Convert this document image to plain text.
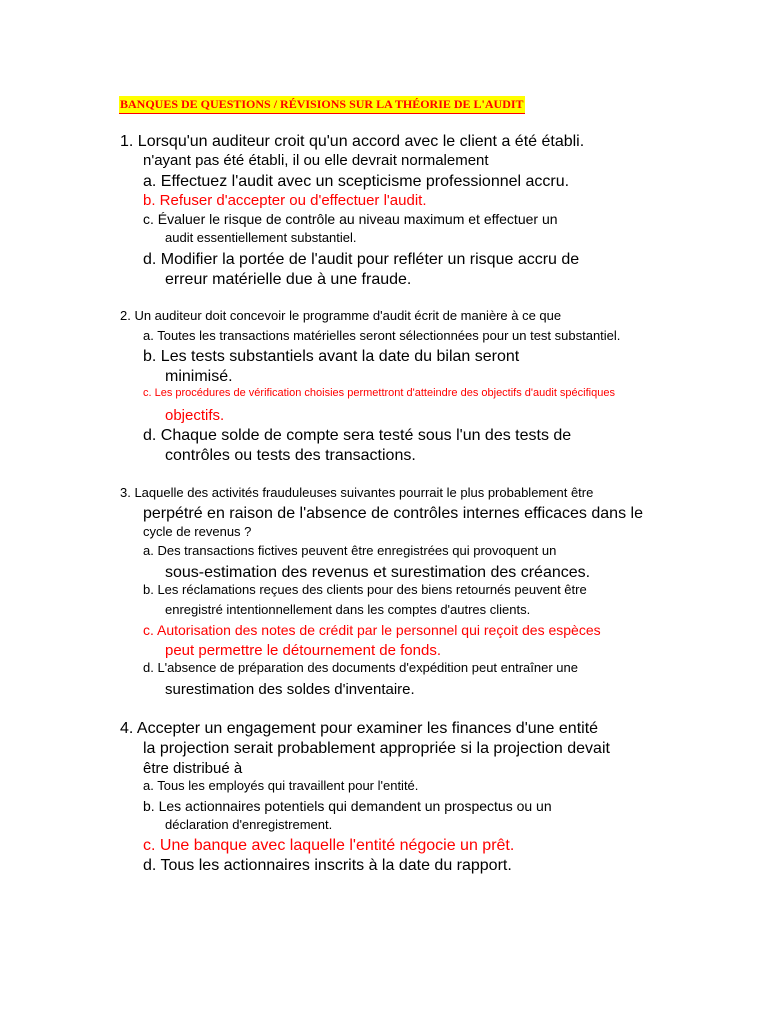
BANQUES DE QUESTIONS / RÉVISIONS SUR LA THÉORIE DE L'AUDIT
1. Lorsqu'un auditeur croit qu'un accord avec le client a été établi.
n'ayant pas été établi, il ou elle devrait normalement
a. Effectuez l'audit avec un scepticisme professionnel accru.
b. Refuser d'accepter ou d'effectuer l'audit.
c. Évaluer le risque de contrôle au niveau maximum et effectuer un
audit essentiellement substantiel.
d. Modifier la portée de l'audit pour refléter un risque accru de
erreur matérielle due à une fraude.
2. Un auditeur doit concevoir le programme d'audit écrit de manière à ce que
a. Toutes les transactions matérielles seront sélectionnées pour un test substantiel.
b. Les tests substantiels avant la date du bilan seront
minimisé.
c. Les procédures de vérification choisies permettront d'atteindre des objectifs d'audit spécifiques
objectifs.
d. Chaque solde de compte sera testé sous l'un des tests de
contrôles ou tests des transactions.
3. Laquelle des activités frauduleuses suivantes pourrait le plus probablement être
perpétré en raison de l'absence de contrôles internes efficaces dans le
cycle de revenus ?
a. Des transactions fictives peuvent être enregistrées qui provoquent un
sous-estimation des revenus et surestimation des créances.
b. Les réclamations reçues des clients pour des biens retournés peuvent être
enregistré intentionnellement dans les comptes d'autres clients.
c. Autorisation des notes de crédit par le personnel qui reçoit des espèces
peut permettre le détournement de fonds.
d. L'absence de préparation des documents d'expédition peut entraîner une
surestimation des soldes d'inventaire.
4. Accepter un engagement pour examiner les finances d'une entité
la projection serait probablement appropriée si la projection devait
être distribué à
a. Tous les employés qui travaillent pour l'entité.
b. Les actionnaires potentiels qui demandent un prospectus ou un
déclaration d'enregistrement.
c. Une banque avec laquelle l'entité négocie un prêt.
d. Tous les actionnaires inscrits à la date du rapport.
